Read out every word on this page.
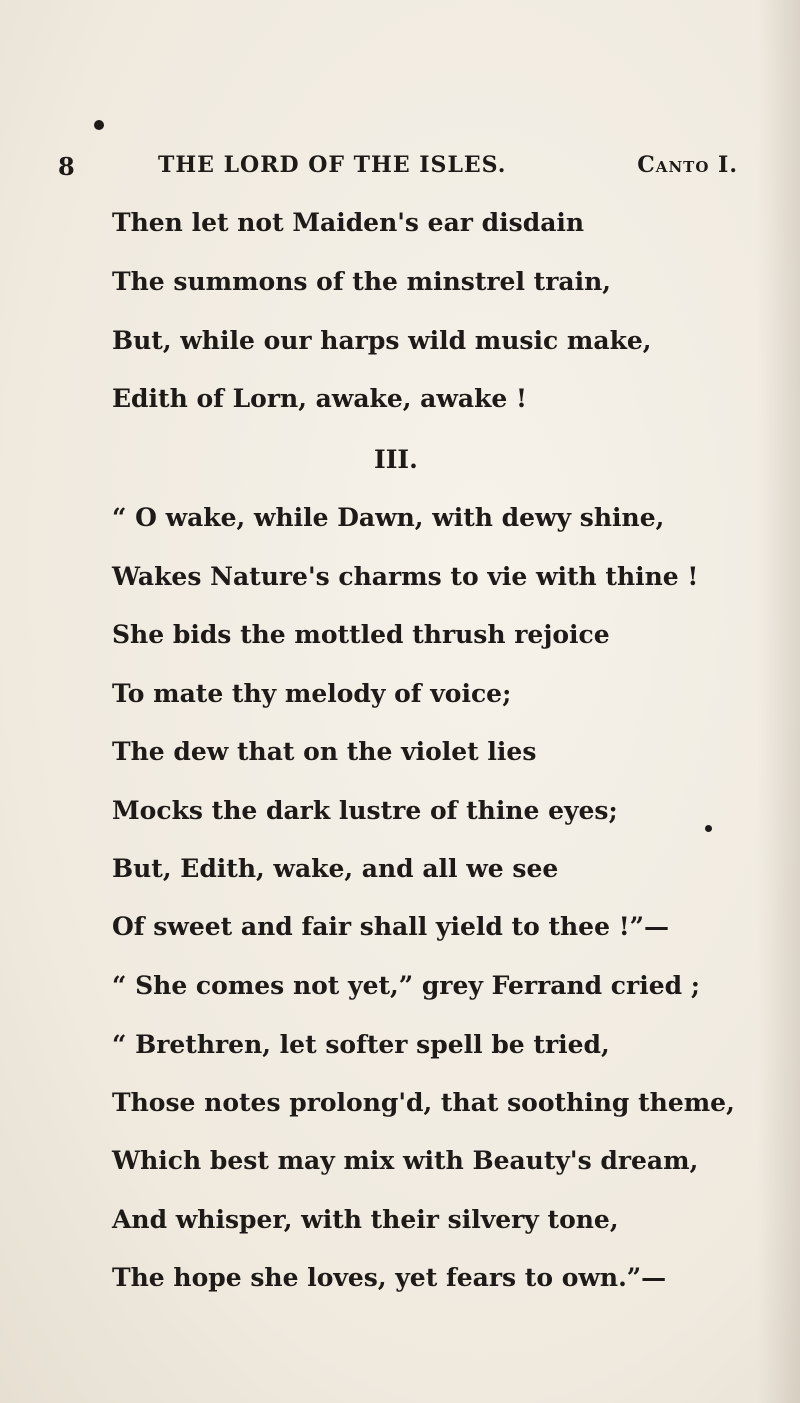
8	THE LORD OF THE ISLES.	Canto I.
Then let not Maiden's ear disdain
The summons of the minstrel train,
But, while our harps wild music make,
Edith of Lorn, awake, awake !
III.
“ O wake, while Dawn, with dewy shine,
Wakes Nature's charms to vie with thine !
She bids the mottled thrush rejoice
To mate thy melody of voice;
The dew that on the violet lies
Mocks the dark lustre of thine eyes;
But, Edith, wake, and all we see
Of sweet and fair shall yield to thee !”—
“ She comes not yet,” grey Ferrand cried ;
“ Brethren, let softer spell be tried,
Those notes prolong'd, that soothing theme,
Which best may mix with Beauty's dream,
And whisper, with their silvery tone,
The hope she loves, yet fears to own.”—
